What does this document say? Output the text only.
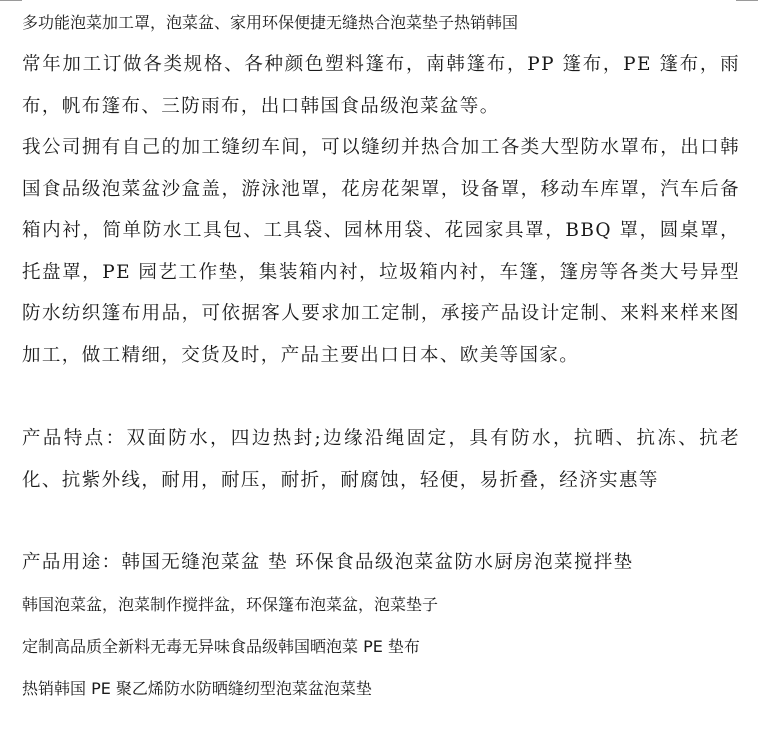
多功能泡菜加工罩，泡菜盆、家用环保便捷无缝热合泡菜垫子热销韩国

常年加工订做各类规格、各种颜色塑料篷布，南韩篷布，PP 篷布，PE 篷布，雨布，帆布篷布、三防雨布，出口韩国食品级泡菜盆等。

我公司拥有自己的加工缝纫车间，可以缝纫并热合加工各类大型防水罩布，出口韩国食品级泡菜盆沙盒盖，游泳池罩，花房花架罩，设备罩，移动车库罩，汽车后备箱内衬，简单防水工具包、工具袋、园林用袋、花园家具罩，BBQ 罩，圆桌罩，托盘罩，PE 园艺工作垫，集装箱内衬，垃圾箱内衬，车篷，篷房等各类大号异型防水纺织篷布用品，可依据客人要求加工定制，承接产品设计定制、来料来样来图加工，做工精细，交货及时，产品主要出口日本、欧美等国家。

产品特点：双面防水，四边热封;边缘沿绳固定，具有防水，抗晒、抗冻、抗老化、抗紫外线，耐用，耐压，耐折，耐腐蚀，轻便，易折叠，经济实惠等

产品用途：韩国无缝泡菜盆 垫 环保食品级泡菜盆防水厨房泡菜搅拌垫

韩国泡菜盆，泡菜制作搅拌盆，环保篷布泡菜盆，泡菜垫子

定制高品质全新料无毒无异味食品级韩国晒泡菜 PE 垫布

热销韩国 PE 聚乙烯防水防晒缝纫型泡菜盆泡菜垫
